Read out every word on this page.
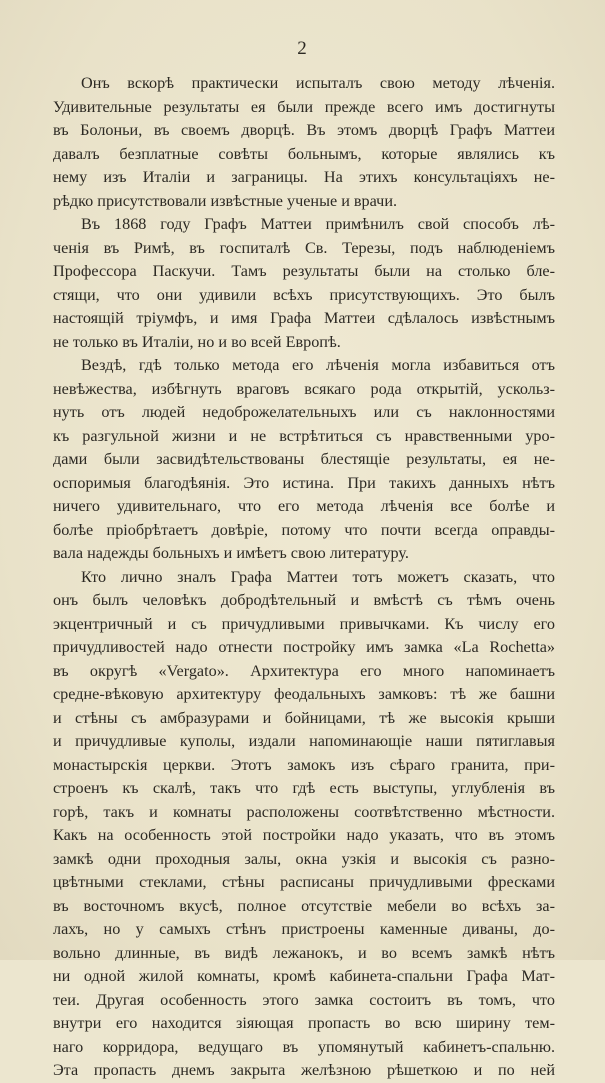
2
Онъ вскорѣ практически испыталъ свою методу лѣченія.
Удивительные результаты ея были прежде всего имъ достигнуты
въ Болоньи, въ своемъ дворцѣ. Въ этомъ дворцѣ Графъ Маттеи
давалъ безплатные совѣты больнымъ, которые являлись къ
нему изъ Италіи и заграницы. На этихъ консультаціяхъ не-
рѣдко присутствовали извѣстные ученые и врачи.
Въ 1868 году Графъ Маттеи примѣнилъ свой способъ лѣ-
ченія въ Римѣ, въ госпиталѣ Св. Терезы, подъ наблюденіемъ
Профессора Паскучи. Тамъ результаты были на столько бле-
стящи, что они удивили всѣхъ присутствующихъ. Это былъ
настоящій тріумфъ, и имя Графа Маттеи сдѣлалось извѣстнымъ
не только въ Италіи, но и во всей Европѣ.
Вездѣ, гдѣ только метода его лѣченія могла избавиться отъ
невѣжества, избѣгнуть враговъ всякаго рода открытій, ускольз-
нуть отъ людей недоброжелательныхъ или съ наклонностями
къ разгульной жизни и не встрѣтиться съ нравственными уро-
дами были засвидѣтельствованы блестящіе результаты, ея не-
оспоримыя благодѣянія. Это истина. При такихъ данныхъ нѣтъ
ничего удивительнаго, что его метода лѣченія все болѣе и
болѣе пріобрѣтаетъ довѣріе, потому что почти всегда оправды-
вала надежды больныхъ и имѣетъ свою литературу.
Кто лично зналъ Графа Маттеи тотъ можетъ сказать, что
онъ былъ человѣкъ добродѣтельный и вмѣстѣ съ тѣмъ очень
экцентричный и съ причудливыми привычками. Къ числу его
причудливостей надо отнести постройку имъ замка «La Rochetta»
въ округѣ «Vergato». Архитектура его много напоминаетъ
средне-вѣковую архитектуру феодальныхъ замковъ: тѣ же башни
и стѣны съ амбразурами и бойницами, тѣ же высокія крыши
и причудливые куполы, издали напоминающіе наши пятиглавыя
монастырскія церкви. Этотъ замокъ изъ сѣраго гранита, при-
строенъ къ скалѣ, такъ что гдѣ есть выступы, углубленія въ
горѣ, такъ и комнаты расположены соотвѣтственно мѣстности.
Какъ на особенность этой постройки надо указать, что въ этомъ
замкѣ одни проходныя залы, окна узкія и высокія съ разно-
цвѣтными стеклами, стѣны расписаны причудливыми фресками
въ восточномъ вкусѣ, полное отсутствіе мебели во всѣхъ за-
лахъ, но у самыхъ стѣнъ пристроены каменные диваны, до-
вольно длинные, въ видѣ лежанокъ, и во всемъ замкѣ нѣтъ
ни одной жилой комнаты, кромѣ кабинета-спальни Графа Мат-
теи. Другая особенность этого замка состоитъ въ томъ, что
внутри его находится зіяющая пропасть во всю ширину тем-
наго корридора, ведущаго въ упомянутый кабинетъ-спальню.
Эта пропасть днемъ закрыта желѣзною рѣшеткою и по ней
